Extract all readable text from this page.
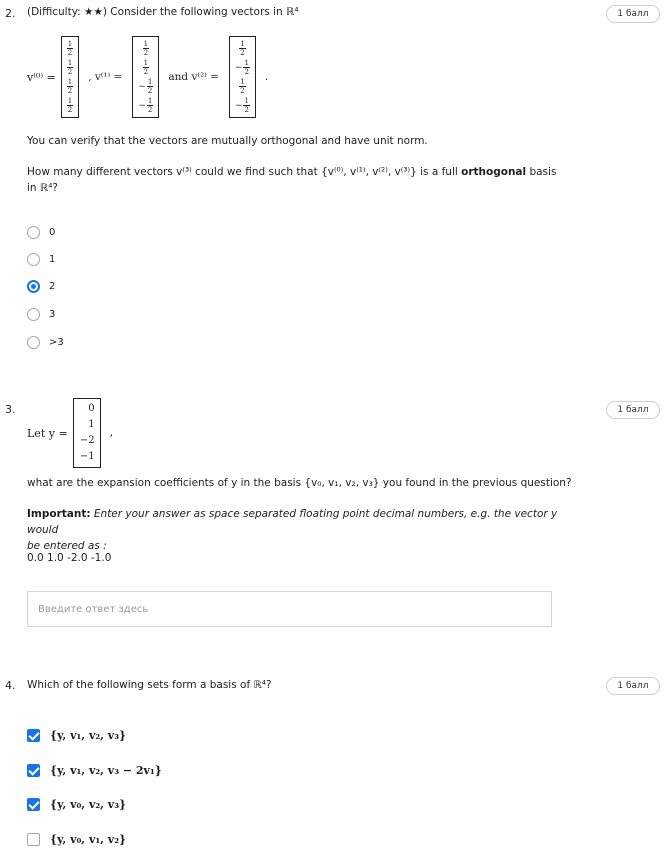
2.	1 балл
(Difficulty: ★★) Consider the following vectors in ℝ⁴
v⁽⁰⁾ =
1
2
1
2
1
2
1
2
, v⁽¹⁾ =
1
2
1
2
− $\frac{1}{2}$
− $\frac{1}{2}$
and v⁽²⁾ =
1
2
− $\frac{1}{2}$
1
2
− $\frac{1}{2}$
.
You can verify that the vectors are mutually orthogonal and have unit norm.
How many different vectors v⁽³⁾ could we find such that {v⁽⁰⁾, v⁽¹⁾, v⁽²⁾, v⁽³⁾} is a full orthogonal basis
in ℝ⁴?
0
1
2
3
>3
3.	1 балл
Let y =
0
1
−2
−1
,
what are the expansion coefficients of y in the basis {v₀, v₁, v₂, v₃} you found in the previous question?
Important: Enter your answer as space separated floating point decimal numbers, e.g. the vector y would
be entered as :
0.0 1.0 -2.0 -1.0
Введите ответ здесь
4.	1 балл
Which of the following sets form a basis of ℝ⁴?
{y, v₁, v₂, v₃}
{y, v₁, v₂, v₃ − 2v₁}
{y, v₀, v₂, v₃}
{y, v₀, v₁, v₂}
